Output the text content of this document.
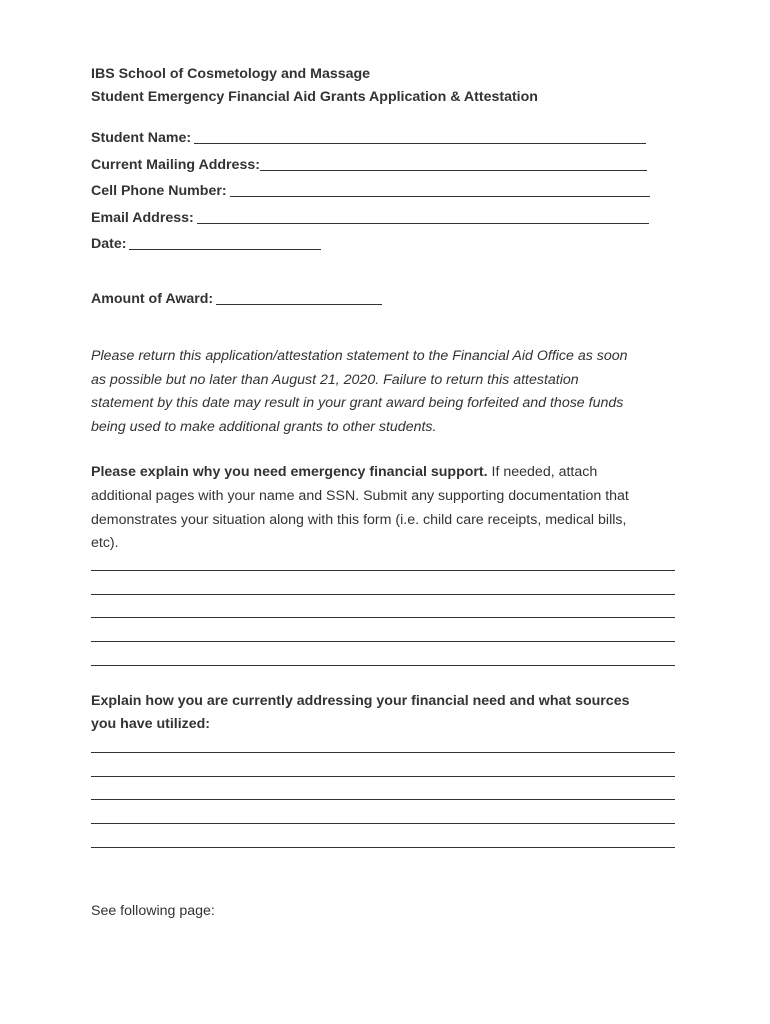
IBS School of Cosmetology and Massage
Student Emergency Financial Aid Grants Application & Attestation
Student Name:
Current Mailing Address:
Cell Phone Number:
Email Address:
Date:
Amount of Award:
Please return this application/attestation statement to the Financial Aid Office as soon
as possible but no later than August 21, 2020. Failure to return this attestation
statement by this date may result in your grant award being forfeited and those funds
being used to make additional grants to other students.
Please explain why you need emergency financial support. If needed, attach
additional pages with your name and SSN. Submit any supporting documentation that
demonstrates your situation along with this form (i.e. child care receipts, medical bills,
etc).
Explain how you are currently addressing your financial need and what sources
you have utilized:
See following page:
